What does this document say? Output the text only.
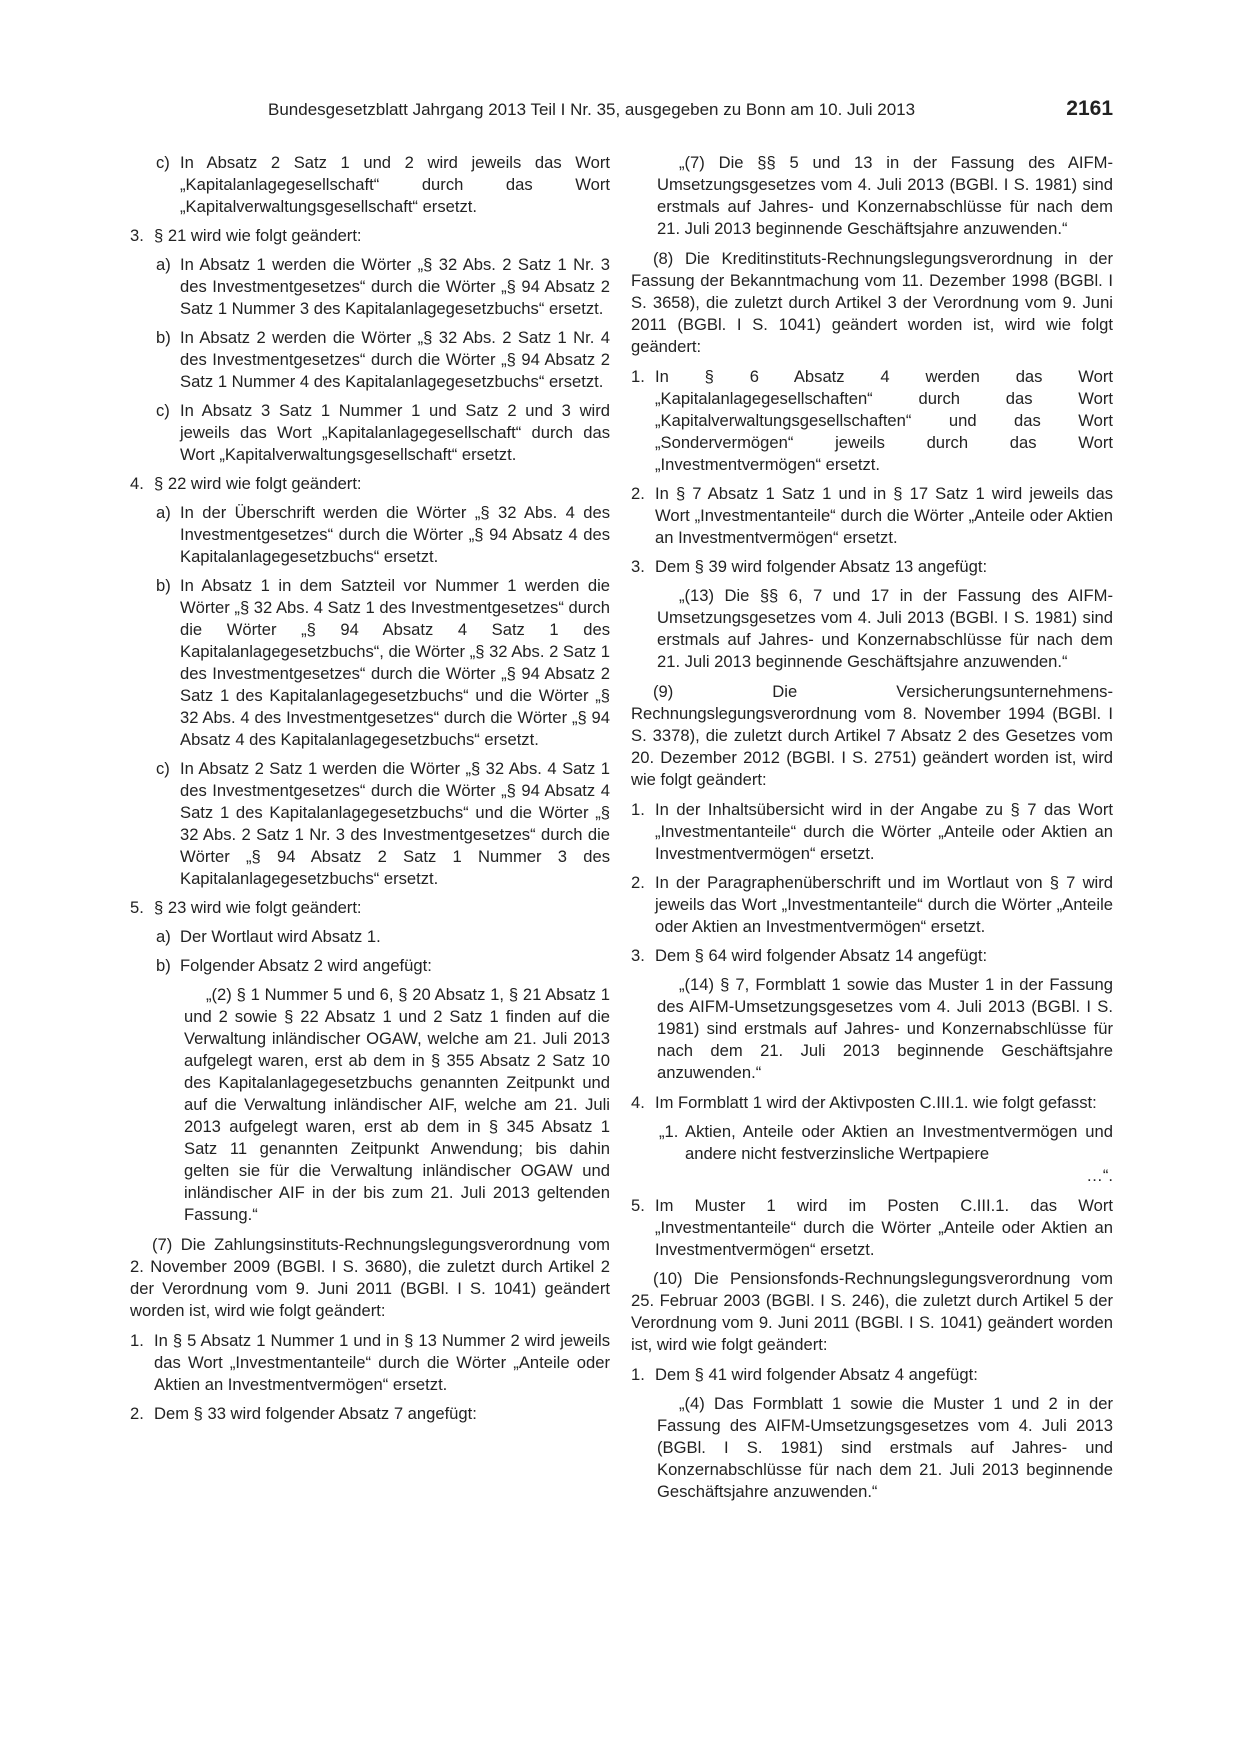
Bundesgesetzblatt Jahrgang 2013 Teil I Nr. 35, ausgegeben zu Bonn am 10. Juli 2013	2161
c) In Absatz 2 Satz 1 und 2 wird jeweils das Wort „Kapitalanlagegesellschaft“ durch das Wort „Kapitalverwaltungsgesellschaft“ ersetzt.
3. § 21 wird wie folgt geändert:
a) In Absatz 1 werden die Wörter „§ 32 Abs. 2 Satz 1 Nr. 3 des Investmentgesetzes“ durch die Wörter „§ 94 Absatz 2 Satz 1 Nummer 3 des Kapitalanlagegesetzbuchs“ ersetzt.
b) In Absatz 2 werden die Wörter „§ 32 Abs. 2 Satz 1 Nr. 4 des Investmentgesetzes“ durch die Wörter „§ 94 Absatz 2 Satz 1 Nummer 4 des Kapitalanlagegesetzbuchs“ ersetzt.
c) In Absatz 3 Satz 1 Nummer 1 und Satz 2 und 3 wird jeweils das Wort „Kapitalanlagegesellschaft“ durch das Wort „Kapitalverwaltungsgesellschaft“ ersetzt.
4. § 22 wird wie folgt geändert:
a) In der Überschrift werden die Wörter „§ 32 Abs. 4 des Investmentgesetzes“ durch die Wörter „§ 94 Absatz 4 des Kapitalanlagegesetzbuchs“ ersetzt.
b) In Absatz 1 in dem Satzteil vor Nummer 1 werden die Wörter „§ 32 Abs. 4 Satz 1 des Investmentgesetzes“ durch die Wörter „§ 94 Absatz 4 Satz 1 des Kapitalanlagegesetzbuchs“, die Wörter „§ 32 Abs. 2 Satz 1 des Investmentgesetzes“ durch die Wörter „§ 94 Absatz 2 Satz 1 des Kapitalanlagegesetzbuchs“ und die Wörter „§ 32 Abs. 4 des Investmentgesetzes“ durch die Wörter „§ 94 Absatz 4 des Kapitalanlagegesetzbuchs“ ersetzt.
c) In Absatz 2 Satz 1 werden die Wörter „§ 32 Abs. 4 Satz 1 des Investmentgesetzes“ durch die Wörter „§ 94 Absatz 4 Satz 1 des Kapitalanlagegesetzbuchs“ und die Wörter „§ 32 Abs. 2 Satz 1 Nr. 3 des Investmentgesetzes“ durch die Wörter „§ 94 Absatz 2 Satz 1 Nummer 3 des Kapitalanlagegesetzbuchs“ ersetzt.
5. § 23 wird wie folgt geändert:
a) Der Wortlaut wird Absatz 1.
b) Folgender Absatz 2 wird angefügt:
„(2) § 1 Nummer 5 und 6, § 20 Absatz 1, § 21 Absatz 1 und 2 sowie § 22 Absatz 1 und 2 Satz 1 finden auf die Verwaltung inländischer OGAW, welche am 21. Juli 2013 aufgelegt waren, erst ab dem in § 355 Absatz 2 Satz 10 des Kapitalanlagegesetzbuchs genannten Zeitpunkt und auf die Verwaltung inländischer AIF, welche am 21. Juli 2013 aufgelegt waren, erst ab dem in § 345 Absatz 1 Satz 11 genannten Zeitpunkt Anwendung; bis dahin gelten sie für die Verwaltung inländischer OGAW und inländischer AIF in der bis zum 21. Juli 2013 geltenden Fassung.“
(7) Die Zahlungsinstituts-Rechnungslegungsverordnung vom 2. November 2009 (BGBl. I S. 3680), die zuletzt durch Artikel 2 der Verordnung vom 9. Juni 2011 (BGBl. I S. 1041) geändert worden ist, wird wie folgt geändert:
1. In § 5 Absatz 1 Nummer 1 und in § 13 Nummer 2 wird jeweils das Wort „Investmentanteile“ durch die Wörter „Anteile oder Aktien an Investmentvermögen“ ersetzt.
2. Dem § 33 wird folgender Absatz 7 angefügt:
„(7) Die §§ 5 und 13 in der Fassung des AIFM-Umsetzungsgesetzes vom 4. Juli 2013 (BGBl. I S. 1981) sind erstmals auf Jahres- und Konzernabschlüsse für nach dem 21. Juli 2013 beginnende Geschäftsjahre anzuwenden.“
(8) Die Kreditinstituts-Rechnungslegungsverordnung in der Fassung der Bekanntmachung vom 11. Dezember 1998 (BGBl. I S. 3658), die zuletzt durch Artikel 3 der Verordnung vom 9. Juni 2011 (BGBl. I S. 1041) geändert worden ist, wird wie folgt geändert:
1. In § 6 Absatz 4 werden das Wort „Kapitalanlagegesellschaften“ durch das Wort „Kapitalverwaltungsgesellschaften“ und das Wort „Sondervermögen“ jeweils durch das Wort „Investmentvermögen“ ersetzt.
2. In § 7 Absatz 1 Satz 1 und in § 17 Satz 1 wird jeweils das Wort „Investmentanteile“ durch die Wörter „Anteile oder Aktien an Investmentvermögen“ ersetzt.
3. Dem § 39 wird folgender Absatz 13 angefügt:
„(13) Die §§ 6, 7 und 17 in der Fassung des AIFM-Umsetzungsgesetzes vom 4. Juli 2013 (BGBl. I S. 1981) sind erstmals auf Jahres- und Konzernabschlüsse für nach dem 21. Juli 2013 beginnende Geschäftsjahre anzuwenden.“
(9) Die Versicherungsunternehmens-Rechnungslegungsverordnung vom 8. November 1994 (BGBl. I S. 3378), die zuletzt durch Artikel 7 Absatz 2 des Gesetzes vom 20. Dezember 2012 (BGBl. I S. 2751) geändert worden ist, wird wie folgt geändert:
1. In der Inhaltsübersicht wird in der Angabe zu § 7 das Wort „Investmentanteile“ durch die Wörter „Anteile oder Aktien an Investmentvermögen“ ersetzt.
2. In der Paragraphenüberschrift und im Wortlaut von § 7 wird jeweils das Wort „Investmentanteile“ durch die Wörter „Anteile oder Aktien an Investmentvermögen“ ersetzt.
3. Dem § 64 wird folgender Absatz 14 angefügt:
„(14) § 7, Formblatt 1 sowie das Muster 1 in der Fassung des AIFM-Umsetzungsgesetzes vom 4. Juli 2013 (BGBl. I S. 1981) sind erstmals auf Jahres- und Konzernabschlüsse für nach dem 21. Juli 2013 beginnende Geschäftsjahre anzuwenden.“
4. Im Formblatt 1 wird der Aktivposten C.III.1. wie folgt gefasst:
„1. Aktien, Anteile oder Aktien an Investmentvermögen und andere nicht festverzinsliche Wertpapiere
…“.
5. Im Muster 1 wird im Posten C.III.1. das Wort „Investmentanteile“ durch die Wörter „Anteile oder Aktien an Investmentvermögen“ ersetzt.
(10) Die Pensionsfonds-Rechnungslegungsverordnung vom 25. Februar 2003 (BGBl. I S. 246), die zuletzt durch Artikel 5 der Verordnung vom 9. Juni 2011 (BGBl. I S. 1041) geändert worden ist, wird wie folgt geändert:
1. Dem § 41 wird folgender Absatz 4 angefügt:
„(4) Das Formblatt 1 sowie die Muster 1 und 2 in der Fassung des AIFM-Umsetzungsgesetzes vom 4. Juli 2013 (BGBl. I S. 1981) sind erstmals auf Jahres- und Konzernabschlüsse für nach dem 21. Juli 2013 beginnende Geschäftsjahre anzuwenden.“
